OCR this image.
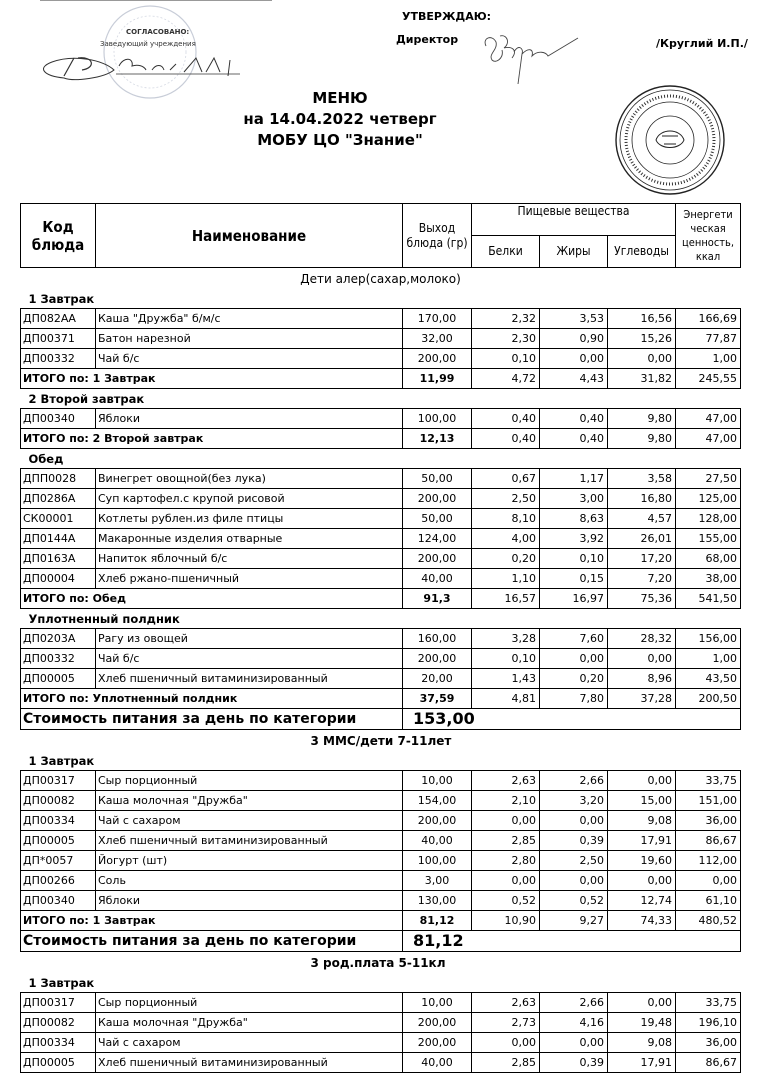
СОГЛАСОВАНО:
Заведующий учреждения
УТВЕРЖДАЮ:
Директор	/Круглий И.П./
МЕНЮ
на 14.04.2022 четверг
МОБУ ЦО "Знание"
Код блюда	Наименование	Выход блюда (гр)	Пищевые вещества			Энергети ческая ценность, ккал
			Белки	Жиры	Углеводы	
Дети алер(сахар,молоко)						
1 Завтрак						
ДП082АА	Каша "Дружба" б/м/с	170,00	2,32	3,53	16,56	166,69
ДП00371	Батон нарезной	32,00	2,30	0,90	15,26	77,87
ДП00332	Чай б/с	200,00	0,10	0,00	0,00	1,00
ИТОГО по: 1 Завтрак		11,99	4,72	4,43	31,82	245,55
2 Второй завтрак						
ДП00340	Яблоки	100,00	0,40	0,40	9,80	47,00
ИТОГО по: 2 Второй завтрак		12,13	0,40	0,40	9,80	47,00
Обед						
ДПП0028	Винегрет овощной(без лука)	50,00	0,67	1,17	3,58	27,50
ДП0286А	Суп картофел.с крупой рисовой	200,00	2,50	3,00	16,80	125,00
СК00001	Котлеты рублен.из филе птицы	50,00	8,10	8,63	4,57	128,00
ДП0144А	Макаронные изделия отварные	124,00	4,00	3,92	26,01	155,00
ДП0163А	Напиток яблочный б/с	200,00	0,20	0,10	17,20	68,00
ДП00004	Хлеб ржано-пшеничный	40,00	1,10	0,15	7,20	38,00
ИТОГО по: Обед		91,3	16,57	16,97	75,36	541,50
Уплотненный полдник						
ДП0203А	Рагу из овощей	160,00	3,28	7,60	28,32	156,00
ДП00332	Чай б/с	200,00	0,10	0,00	0,00	1,00
ДП00005	Хлеб пшеничный витаминизированный	20,00	1,43	0,20	8,96	43,50
ИТОГО по: Уплотненный полдник		37,59	4,81	7,80	37,28	200,50
Стоимость питания за день по категории		153,00				
3 ММС/дети 7-11лет						
1 Завтрак						
ДП00317	Сыр порционный	10,00	2,63	2,66	0,00	33,75
ДП00082	Каша молочная "Дружба"	154,00	2,10	3,20	15,00	151,00
ДП00334	Чай с сахаром	200,00	0,00	0,00	9,08	36,00
ДП00005	Хлеб пшеничный витаминизированный	40,00	2,85	0,39	17,91	86,67
ДП*0057	Йогурт (шт)	100,00	2,80	2,50	19,60	112,00
ДП00266	Соль	3,00	0,00	0,00	0,00	0,00
ДП00340	Яблоки	130,00	0,52	0,52	12,74	61,10
ИТОГО по: 1 Завтрак		81,12	10,90	9,27	74,33	480,52
Стоимость питания за день по категории		81,12				
3 род.плата 5-11кл						
1 Завтрак						
ДП00317	Сыр порционный	10,00	2,63	2,66	0,00	33,75
ДП00082	Каша молочная "Дружба"	200,00	2,73	4,16	19,48	196,10
ДП00334	Чай с сахаром	200,00	0,00	0,00	9,08	36,00
ДП00005	Хлеб пшеничный витаминизированный	40,00	2,85	0,39	17,91	86,67
